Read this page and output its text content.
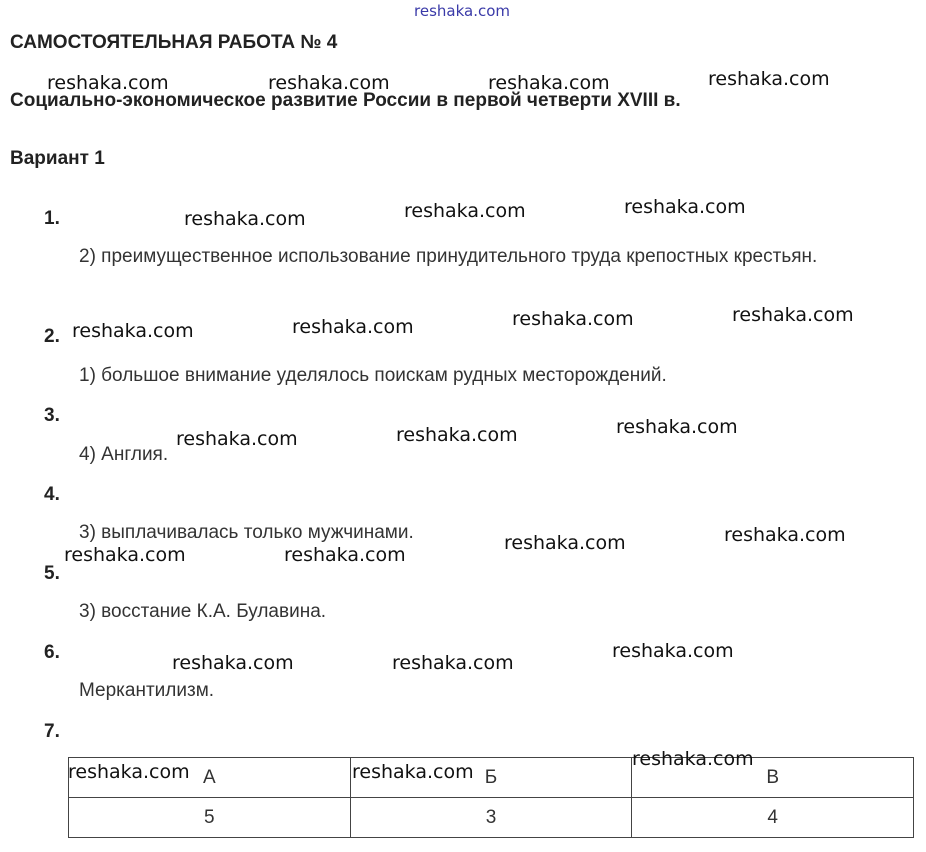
reshaka.com
САМОСТОЯТЕЛЬНАЯ РАБОТА № 4
Социально-экономическое развитие России в первой четверти XVIII в.
Вариант 1
1.

2) преимущественное использование принудительного труда крепостных крестьян.

2.

1) большое внимание уделялось поискам рудных месторождений.

3.

4) Англия.

4.

3) выплачивалась только мужчинами.

5.

3) восстание К.А. Булавина.

6.

Меркантилизм.

7.
А	Б	В
5	3	4
reshaka.com	reshaka.com	reshaka.com	reshaka.com
reshaka.com	reshaka.com	reshaka.com
reshaka.com	reshaka.com	reshaka.com	reshaka.com
reshaka.com	reshaka.com	reshaka.com
reshaka.com
reshaka.com
reshaka.com	reshaka.com
reshaka.com	reshaka.com
reshaka.com
reshaka.com
reshaka.com	reshaka.com
